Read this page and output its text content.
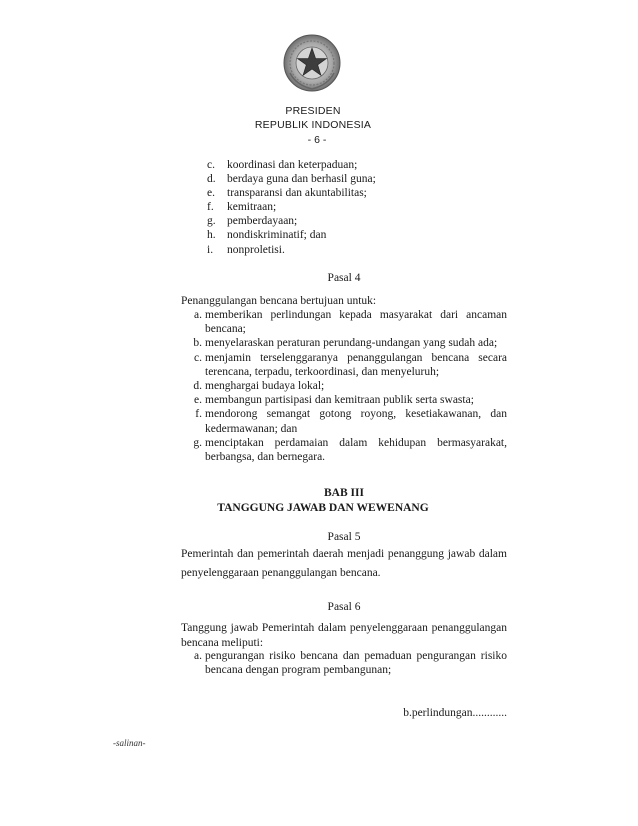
PRESIDEN
REPUBLIK INDONESIA
- 6 -
c.	koordinasi dan keterpaduan;
d. berdaya guna dan berhasil guna;
e.	transparansi dan akuntabilitas;
f.	kemitraan;
g. pemberdayaan;
h. nondiskriminatif; dan
i.	nonproletisi.
Pasal 4
Penanggulangan bencana bertujuan untuk:
a. memberikan perlindungan kepada masyarakat dari ancaman bencana;
b. menyelaraskan peraturan perundang-undangan yang sudah ada;
c. menjamin terselenggaranya penanggulangan bencana secara terencana, terpadu, terkoordinasi, dan menyeluruh;
d. menghargai budaya lokal;
e. membangun partisipasi dan kemitraan publik serta swasta;
f. mendorong semangat gotong royong, kesetiakawanan, dan kedermawanan; dan
g. menciptakan perdamaian dalam kehidupan bermasyarakat, berbangsa, dan bernegara.
BAB III
TANGGUNG JAWAB DAN WEWENANG
Pasal 5
Pemerintah dan pemerintah daerah menjadi penanggung jawab dalam penyelenggaraan penanggulangan bencana.
Pasal 6
Tanggung jawab Pemerintah dalam penyelenggaraan penanggulangan bencana meliputi:
a. pengurangan risiko bencana dan pemaduan pengurangan risiko bencana dengan program pembangunan;
b.perlindungan............
-salinan-
